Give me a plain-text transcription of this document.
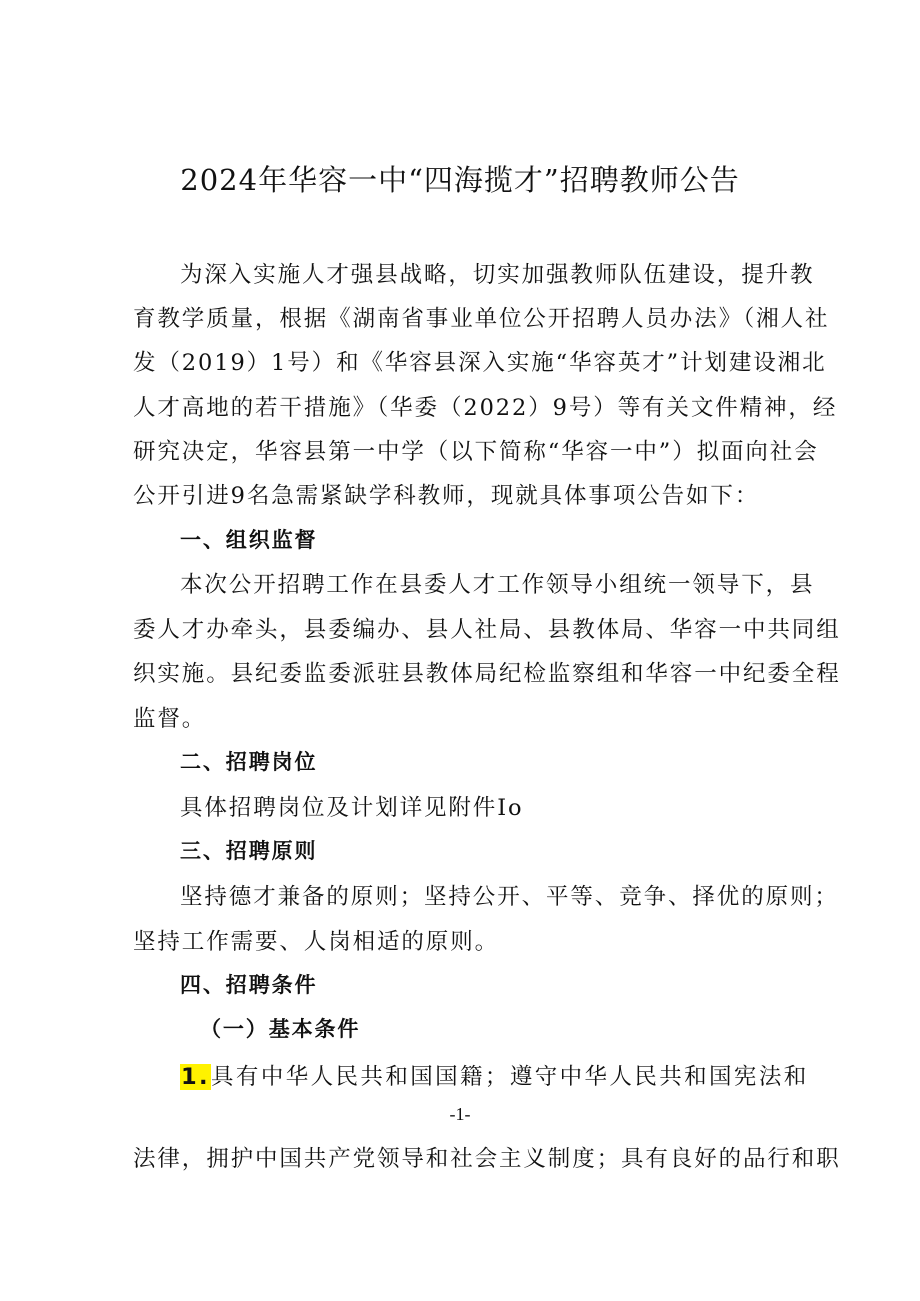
2024年华容一中“四海揽才”招聘教师公告

为深入实施人才强县战略，切实加强教师队伍建设，提升教

育教学质量，根据《湖南省事业单位公开招聘人员办法》（湘人社

发（2019）1号）和《华容县深入实施“华容英才”计划建设湘北

人才高地的若干措施》（华委（2022）9号）等有关文件精神，经

研究决定，华容县第一中学（以下简称“华容一中”）拟面向社会

公开引进9名急需紧缺学科教师，现就具体事项公告如下：

一、组织监督

本次公开招聘工作在县委人才工作领导小组统一领导下，县

委人才办牵头，县委编办、县人社局、县教体局、华容一中共同组

织实施。县纪委监委派驻县教体局纪检监察组和华容一中纪委全程

监督。

二、招聘岗位

具体招聘岗位及计划详见附件Io

三、招聘原则

坚持德才兼备的原则；坚持公开、平等、竞争、择优的原则；

坚持工作需要、人岗相适的原则。

四、招聘条件

（一）基本条件

1.具有中华人民共和国国籍；遵守中华人民共和国宪法和

-1-

法律，拥护中国共产党领导和社会主义制度；具有良好的品行和职
